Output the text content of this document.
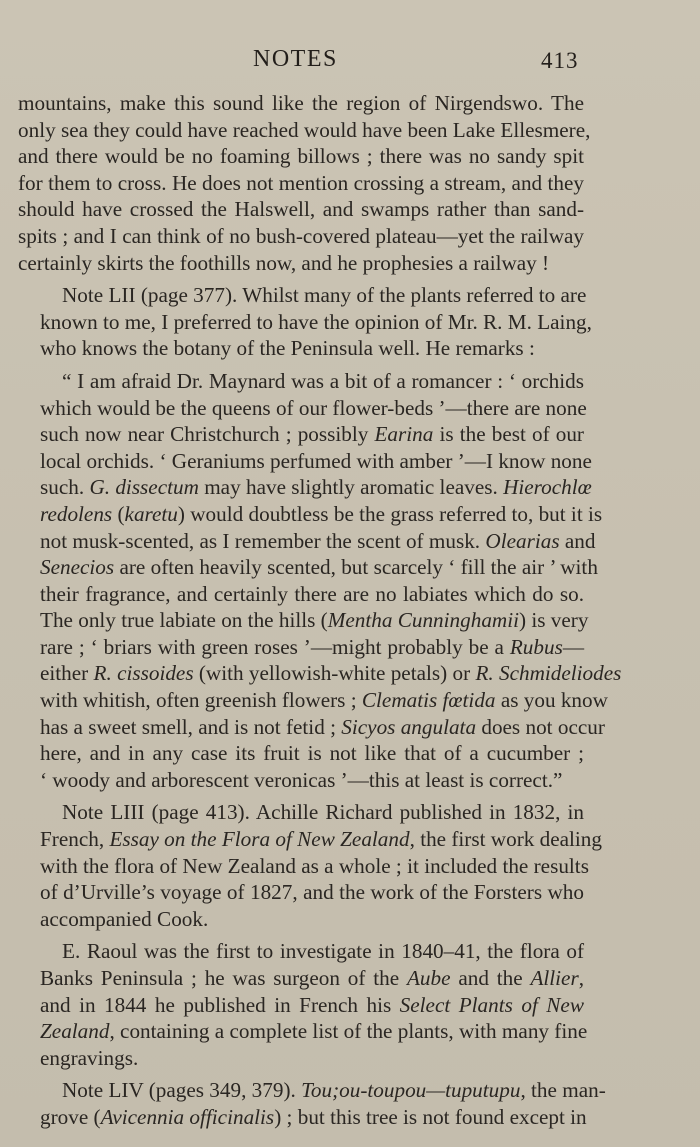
NOTES	413

mountains, make this sound like the region of Nirgendswo. The
only sea they could have reached would have been Lake Ellesmere,
and there would be no foaming billows ; there was no sandy spit
for them to cross. He does not mention crossing a stream, and they
should have crossed the Halswell, and swamps rather than sand-
spits ; and I can think of no bush-covered plateau—yet the railway
certainly skirts the foothills now, and he prophesies a railway !

Note LII (page 377). Whilst many of the plants referred to are
known to me, I preferred to have the opinion of Mr. R. M. Laing,
who knows the botany of the Peninsula well. He remarks :

“ I am afraid Dr. Maynard was a bit of a romancer : ‘ orchids
which would be the queens of our flower-beds ’—there are none
such now near Christchurch ; possibly Earina is the best of our
local orchids. ‘ Geraniums perfumed with amber ’—I know none
such. G. dissectum may have slightly aromatic leaves. Hierochlœ
redolens (karetu) would doubtless be the grass referred to, but it is
not musk-scented, as I remember the scent of musk. Olearias and
Senecios are often heavily scented, but scarcely ‘ fill the air ’ with
their fragrance, and certainly there are no labiates which do so.
The only true labiate on the hills (Mentha Cunninghamii) is very
rare ; ‘ briars with green roses ’—might probably be a Rubus—
either R. cissoides (with yellowish-white petals) or R. Schmideliodes
with whitish, often greenish flowers ; Clematis fœtida as you know
has a sweet smell, and is not fetid ; Sicyos angulata does not occur
here, and in any case its fruit is not like that of a cucumber ;
‘ woody and arborescent veronicas ’—this at least is correct.”

Note LIII (page 413). Achille Richard published in 1832, in
French, Essay on the Flora of New Zealand, the first work dealing
with the flora of New Zealand as a whole ; it included the results
of d’Urville’s voyage of 1827, and the work of the Forsters who
accompanied Cook.

E. Raoul was the first to investigate in 1840–41, the flora of
Banks Peninsula ; he was surgeon of the Aube and the Allier,
and in 1844 he published in French his Select Plants of New
Zealand, containing a complete list of the plants, with many fine
engravings.

Note LIV (pages 349, 379). Tou;ou-toupou—tuputupu, the man-
grove (Avicennia officinalis) ; but this tree is not found except in
